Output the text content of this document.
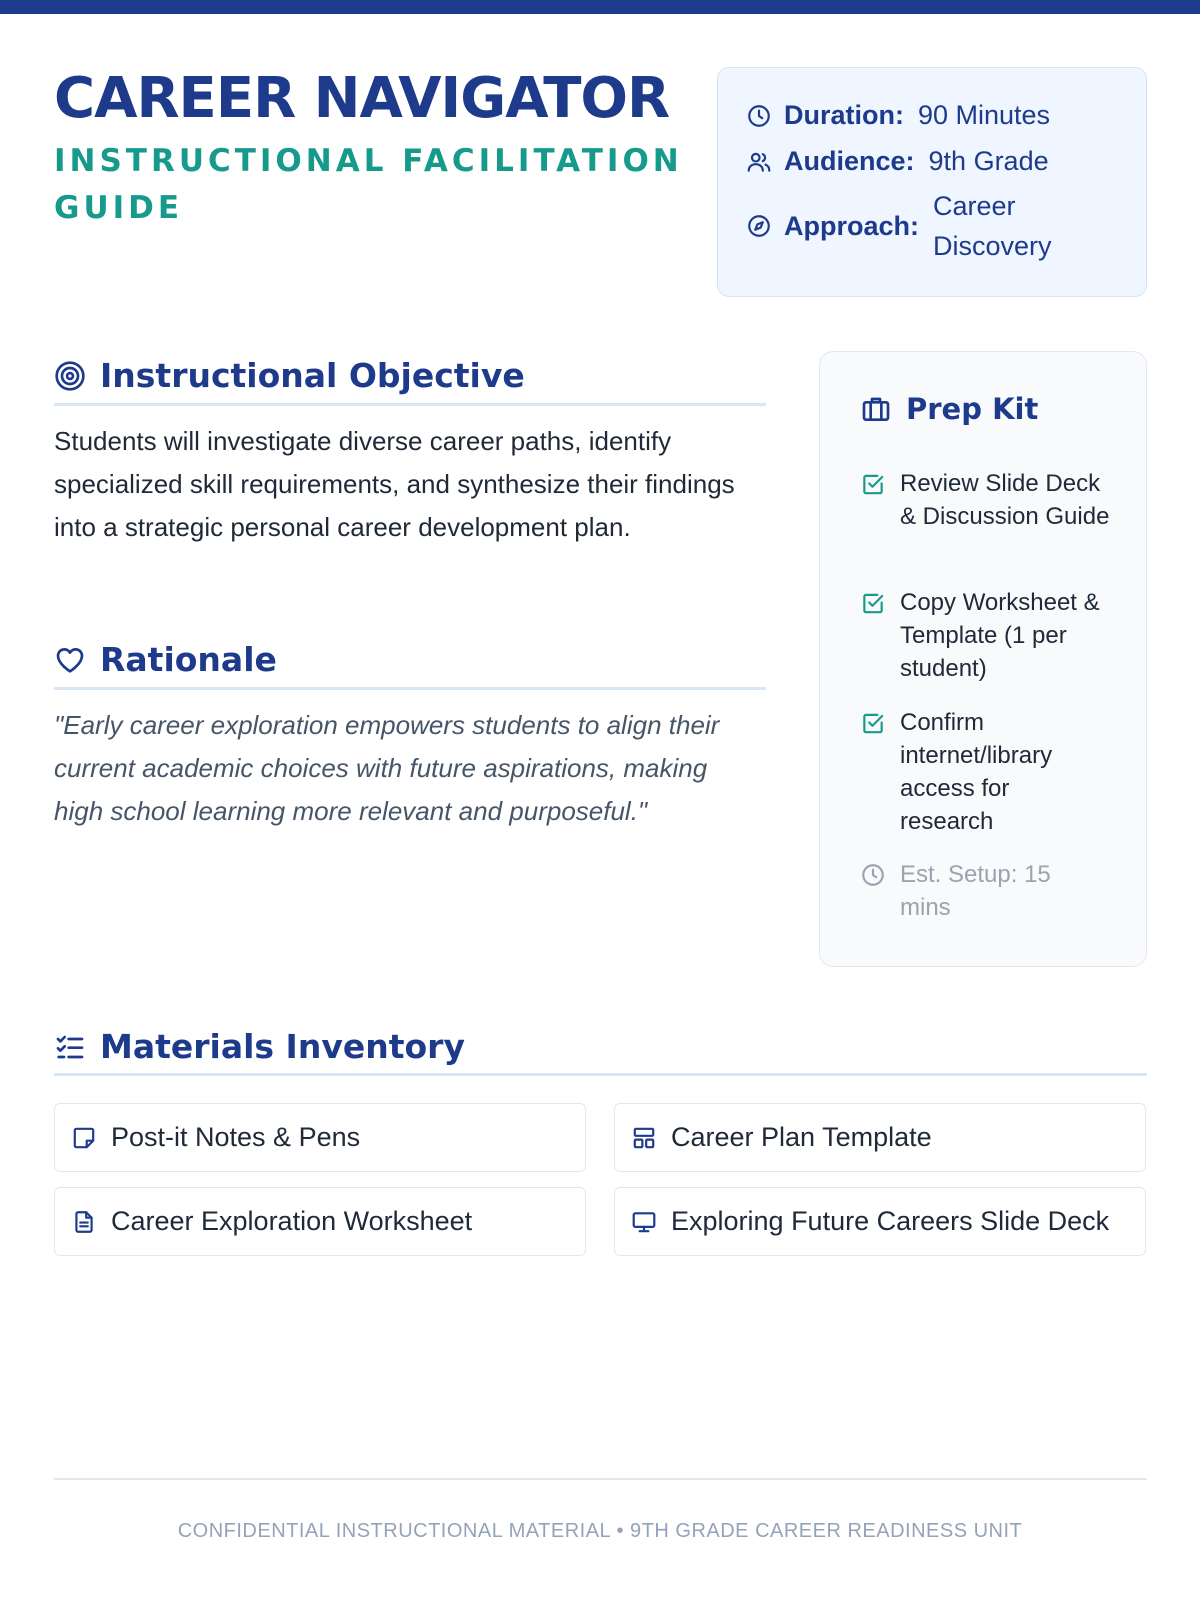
CAREER NAVIGATOR
INSTRUCTIONAL FACILITATION GUIDE
Duration: 90 Minutes
Audience: 9th Grade
Approach:
Career Discovery
Instructional Objective

Students will investigate diverse career paths, identify specialized skill requirements, and synthesize their findings into a strategic personal career development plan.

Rationale

"Early career exploration empowers students to align their current academic choices with future aspirations, making high school learning more relevant and purposeful."

Prep Kit
Review Slide Deck & Discussion Guide
Copy Worksheet & Template (1 per student)
Confirm internet/library access for research
Est. Setup: 15 mins
Materials Inventory
Post-it Notes & Pens	Career Plan Template
Career Exploration Worksheet	Exploring Future Careers Slide Deck
CONFIDENTIAL INSTRUCTIONAL MATERIAL • 9TH GRADE CAREER READINESS UNIT
